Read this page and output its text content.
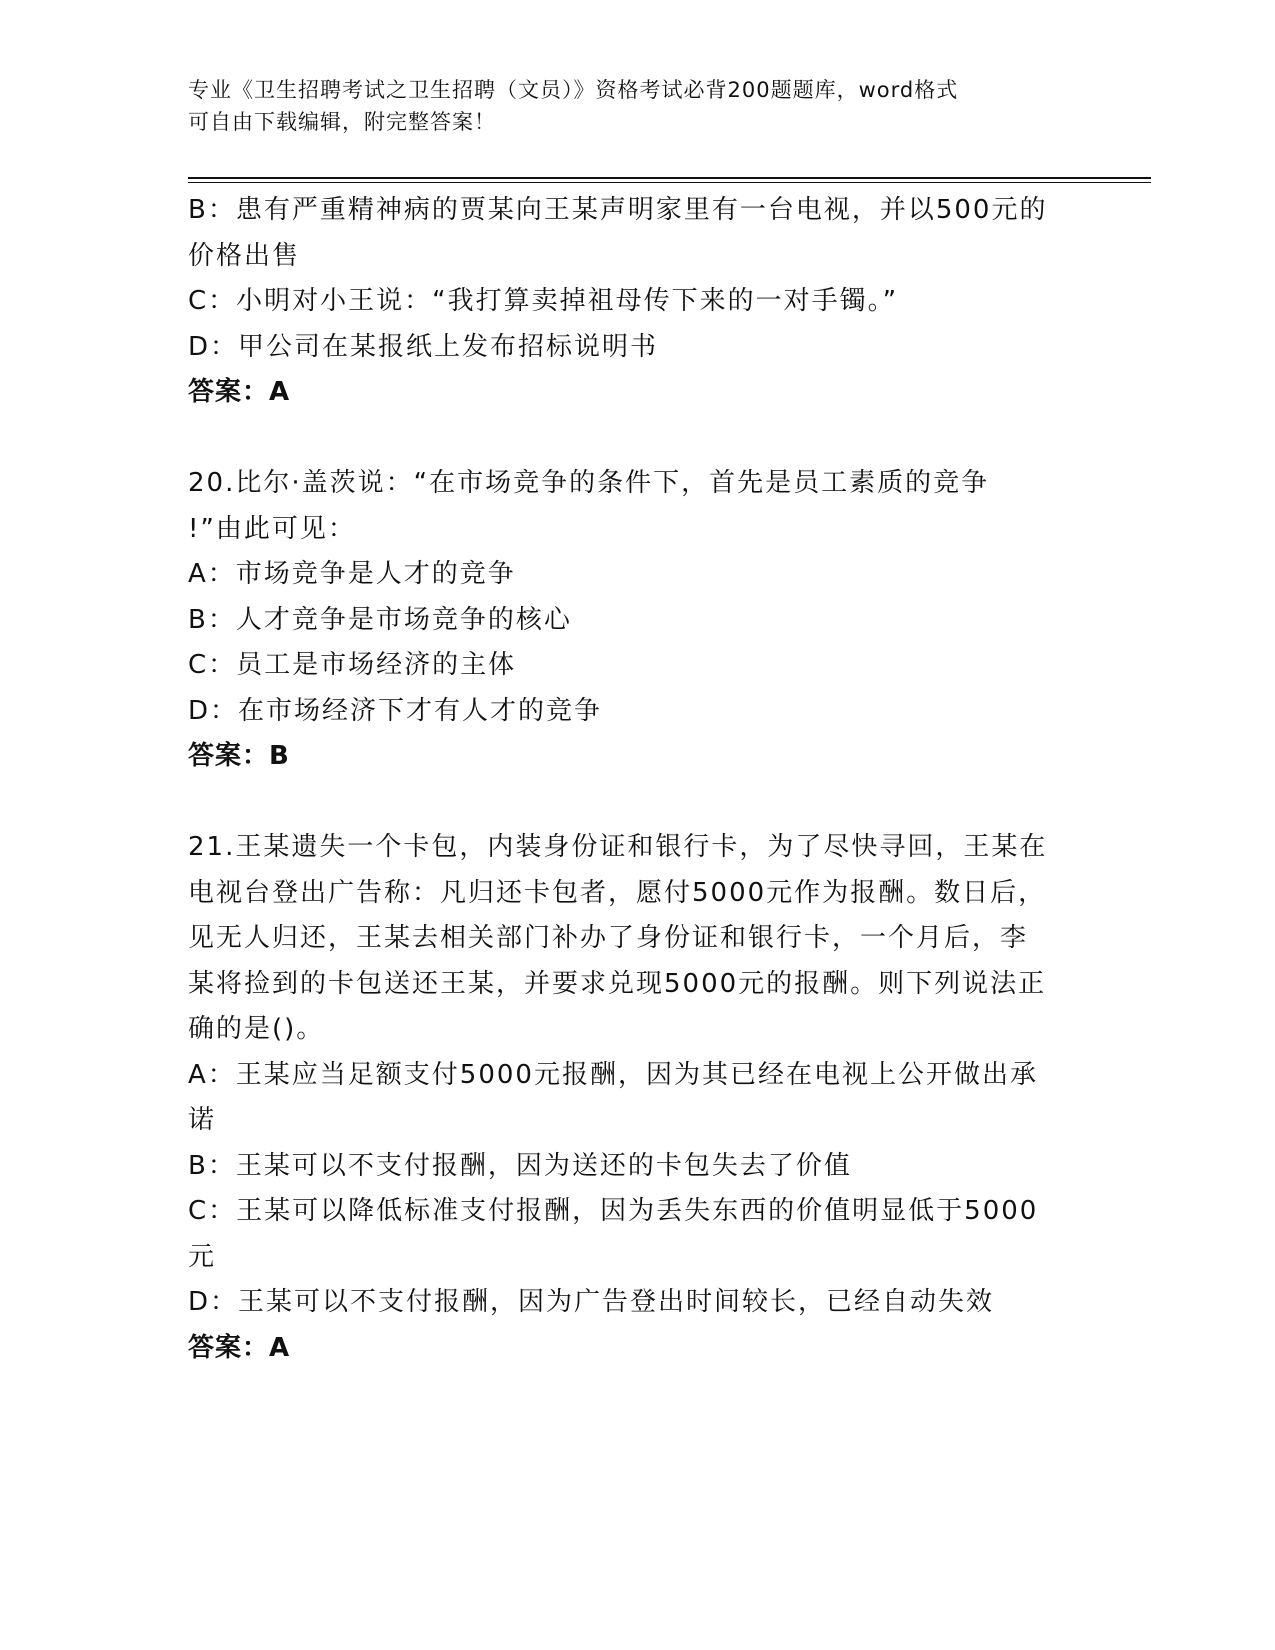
专业《卫生招聘考试之卫生招聘（文员）》资格考试必背200题题库，word格式
可自由下载编辑，附完整答案！
B：患有严重精神病的贾某向王某声明家里有一台电视，并以500元的
价格出售
C：小明对小王说：“我打算卖掉祖母传下来的一对手镯。”
D：甲公司在某报纸上发布招标说明书
答案：A
20.比尔·盖茨说：“在市场竞争的条件下，首先是员工素质的竞争
!”由此可见：
A：市场竞争是人才的竞争
B：人才竞争是市场竞争的核心
C：员工是市场经济的主体
D：在市场经济下才有人才的竞争
答案：B
21.王某遗失一个卡包，内装身份证和银行卡，为了尽快寻回，王某在
电视台登出广告称：凡归还卡包者，愿付5000元作为报酬。数日后，
见无人归还，王某去相关部门补办了身份证和银行卡，一个月后，李
某将捡到的卡包送还王某，并要求兑现5000元的报酬。则下列说法正
确的是()。
A：王某应当足额支付5000元报酬，因为其已经在电视上公开做出承
诺
B：王某可以不支付报酬，因为送还的卡包失去了价值
C：王某可以降低标准支付报酬，因为丢失东西的价值明显低于5000
元
D：王某可以不支付报酬，因为广告登出时间较长，已经自动失效
答案：A
